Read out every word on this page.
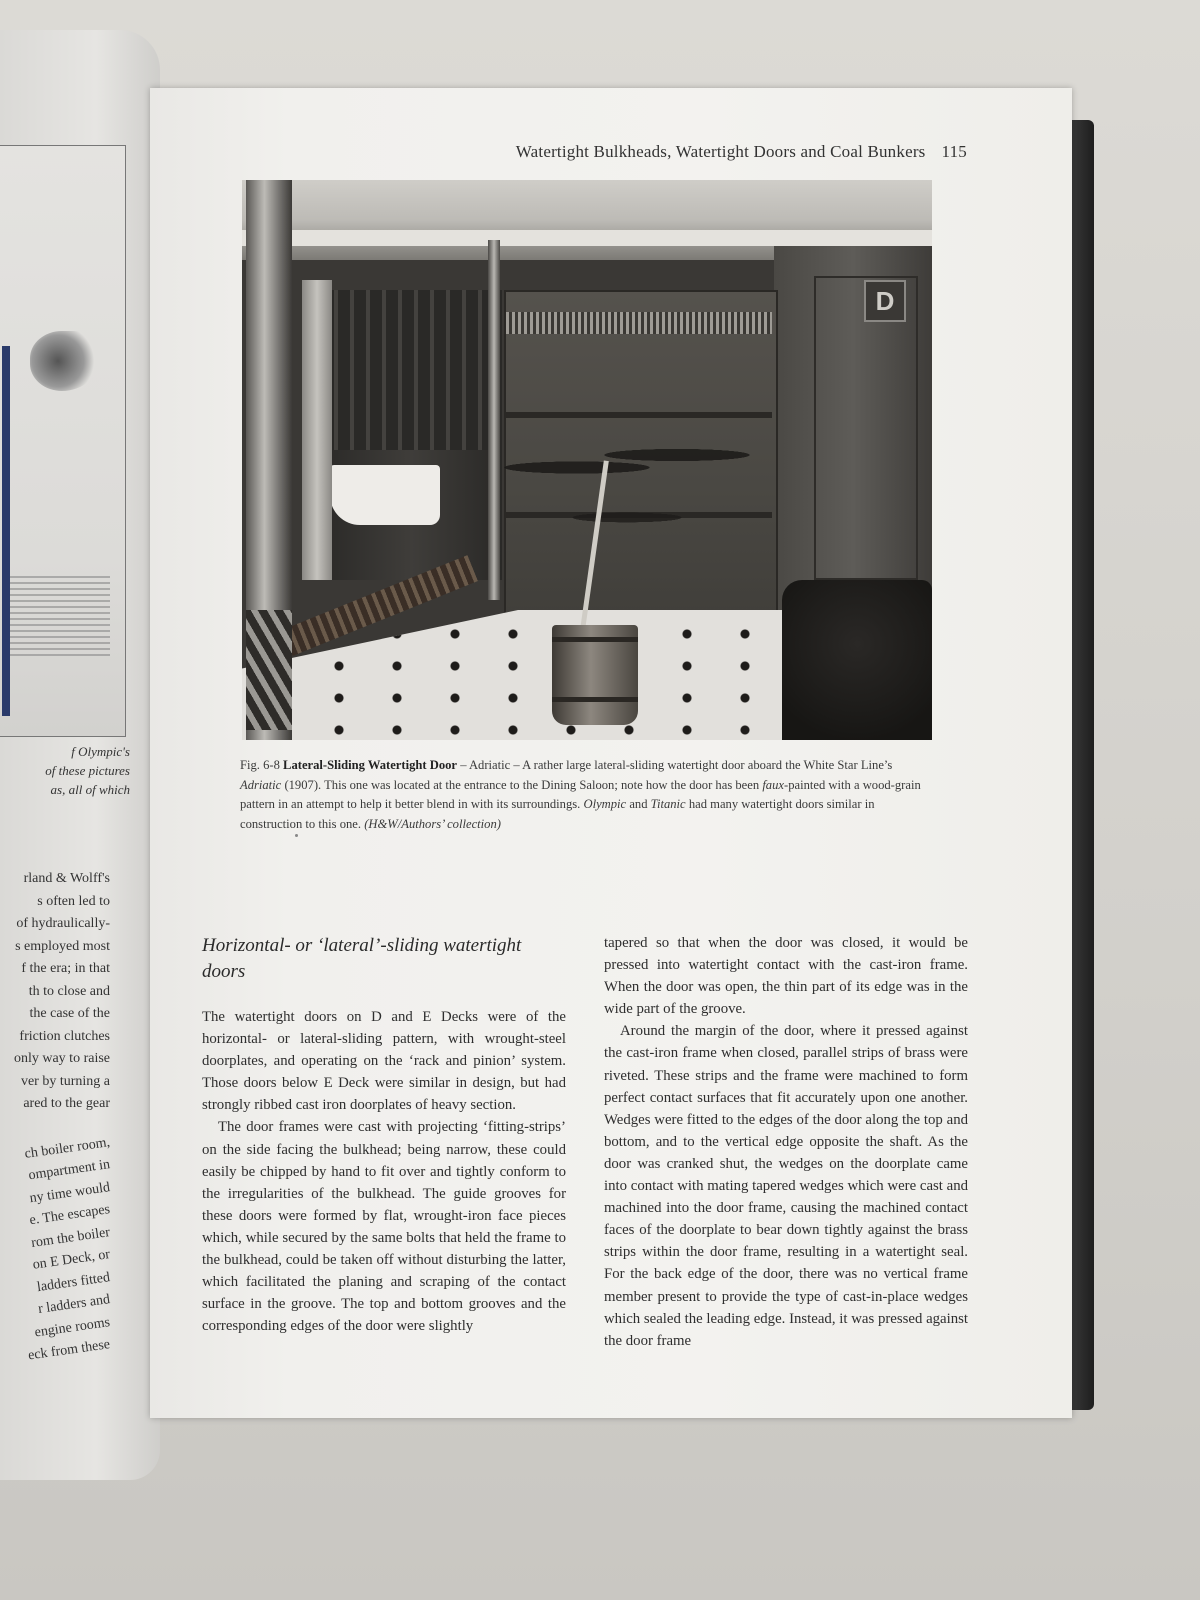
f Olympic's
of these pictures
as, all of which
rland & Wolff's
s often led to
of hydraulically-
s employed most
f the era; in that
th to close and
the case of the
friction clutches
only way to raise
ver by turning a
ared to the gear
ch boiler room,
ompartment in
ny time would
e. The escapes
rom the boiler
on E Deck, or
ladders fitted
r ladders and
engine rooms
eck from these
Watertight Bulkheads, Watertight Doors and Coal Bunkers 115
D
Fig. 6-8 Lateral-Sliding Watertight Door – Adriatic – A rather large lateral-sliding watertight door aboard the White Star Line’s Adriatic (1907). This one was located at the entrance to the Dining Saloon; note how the door has been faux-painted with a wood-grain pattern in an attempt to help it better blend in with its surroundings. Olympic and Titanic had many watertight doors similar in construction to this one. (H&W/Authors’ collection)
Horizontal- or ‘lateral’-sliding watertight doors

The watertight doors on D and E Decks were of the horizontal- or lateral-sliding pattern, with wrought-steel doorplates, and operating on the ‘rack and pinion’ system. Those doors below E Deck were similar in design, but had strongly ribbed cast iron doorplates of heavy section.

The door frames were cast with projecting ‘fitting-strips’ on the side facing the bulkhead; being narrow, these could easily be chipped by hand to fit over and tightly conform to the irregularities of the bulkhead. The guide grooves for these doors were formed by flat, wrought-iron face pieces which, while secured by the same bolts that held the frame to the bulkhead, could be taken off without disturbing the latter, which facilitated the planing and scraping of the contact surface in the groove. The top and bottom grooves and the corresponding edges of the door were slightly

tapered so that when the door was closed, it would be pressed into watertight contact with the cast-iron frame. When the door was open, the thin part of its edge was in the wide part of the groove.

Around the margin of the door, where it pressed against the cast-iron frame when closed, parallel strips of brass were riveted. These strips and the frame were machined to form perfect contact surfaces that fit accurately upon one another. Wedges were fitted to the edges of the door along the top and bottom, and to the vertical edge opposite the shaft. As the door was cranked shut, the wedges on the doorplate came into contact with mating tapered wedges which were cast and machined into the door frame, causing the machined contact faces of the doorplate to bear down tightly against the brass strips within the door frame, resulting in a watertight seal. For the back edge of the door, there was no vertical frame member present to provide the type of cast-in-place wedges which sealed the leading edge. Instead, it was pressed against the door frame
